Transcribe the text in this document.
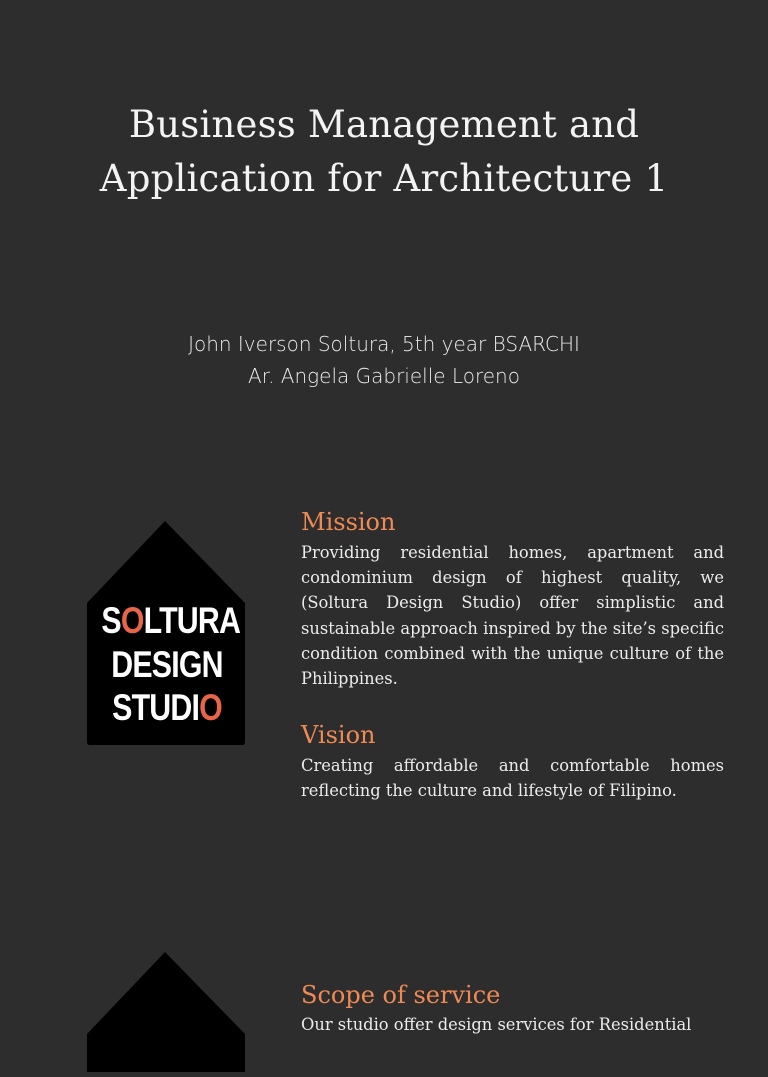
Business Management and
Application for Architecture 1
John Iverson Soltura, 5th year BSARCHI
Ar. Angela Gabrielle Loreno
SOLTURA
DESIGN
STUDIO
Mission
Providing residential homes, apartment and condominium design of highest quality, we (Soltura Design Studio) offer simplistic and sustainable approach inspired by the site’s specific condition combined with the unique culture of the Philippines.
Vision
Creating affordable and comfortable homes reflecting the culture and lifestyle of Filipino.
Scope of service
Our studio offer design services for Residential
